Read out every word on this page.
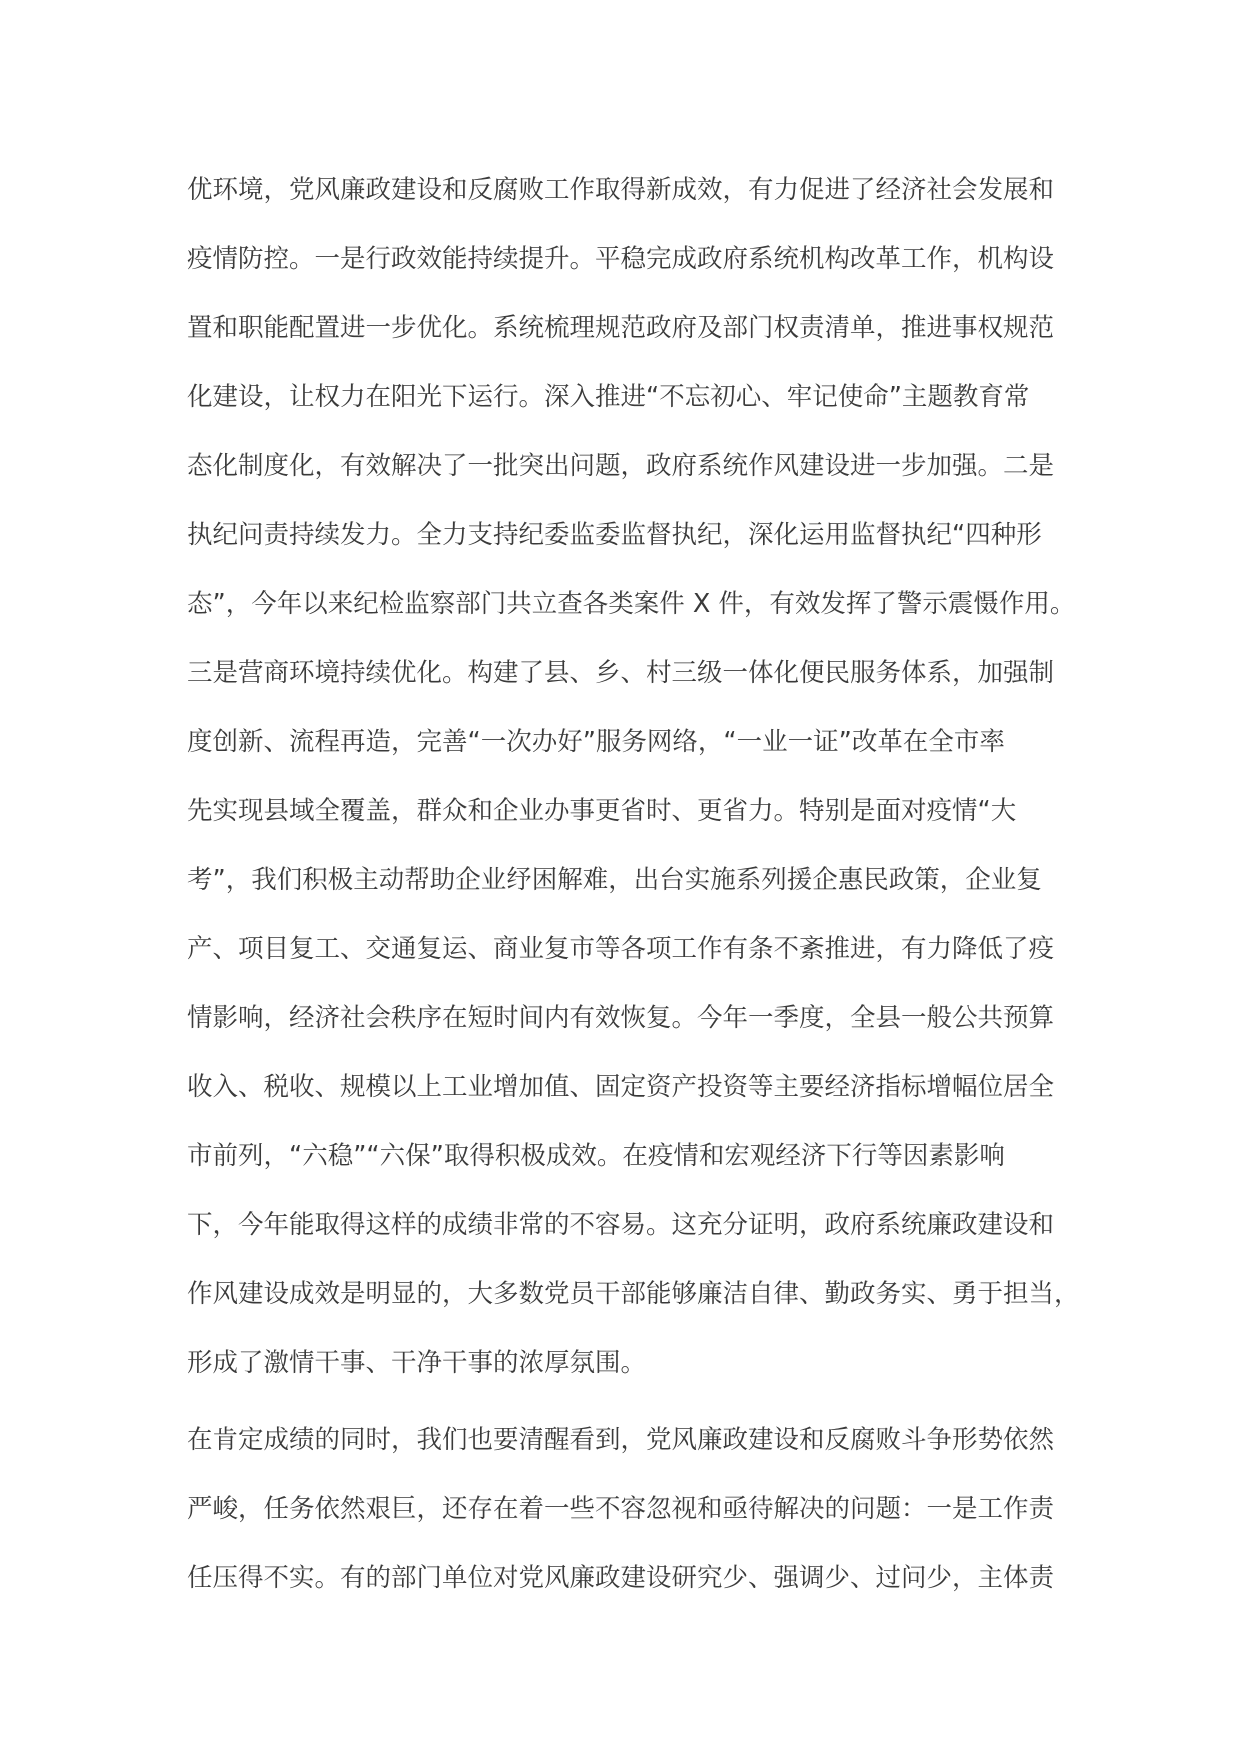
优环境，党风廉政建设和反腐败工作取得新成效，有力促进了经济社会发展和
疫情防控。一是行政效能持续提升。平稳完成政府系统机构改革工作，机构设
置和职能配置进一步优化。系统梳理规范政府及部门权责清单，推进事权规范
化建设，让权力在阳光下运行。深入推进“不忘初心、牢记使命”主题教育常
态化制度化，有效解决了一批突出问题，政府系统作风建设进一步加强。二是
执纪问责持续发力。全力支持纪委监委监督执纪，深化运用监督执纪“四种形
态”，今年以来纪检监察部门共立查各类案件 X 件，有效发挥了警示震慑作用。
三是营商环境持续优化。构建了县、乡、村三级一体化便民服务体系，加强制
度创新、流程再造，完善“一次办好”服务网络，“一业一证”改革在全市率
先实现县域全覆盖，群众和企业办事更省时、更省力。特别是面对疫情“大
考”，我们积极主动帮助企业纾困解难，出台实施系列援企惠民政策，企业复
产、项目复工、交通复运、商业复市等各项工作有条不紊推进，有力降低了疫
情影响，经济社会秩序在短时间内有效恢复。今年一季度，全县一般公共预算
收入、税收、规模以上工业增加值、固定资产投资等主要经济指标增幅位居全
市前列，“六稳”“六保”取得积极成效。在疫情和宏观经济下行等因素影响
下，今年能取得这样的成绩非常的不容易。这充分证明，政府系统廉政建设和
作风建设成效是明显的，大多数党员干部能够廉洁自律、勤政务实、勇于担当，
形成了激情干事、干净干事的浓厚氛围。
在肯定成绩的同时，我们也要清醒看到，党风廉政建设和反腐败斗争形势依然
严峻，任务依然艰巨，还存在着一些不容忽视和亟待解决的问题：一是工作责
任压得不实。有的部门单位对党风廉政建设研究少、强调少、过问少，主体责
